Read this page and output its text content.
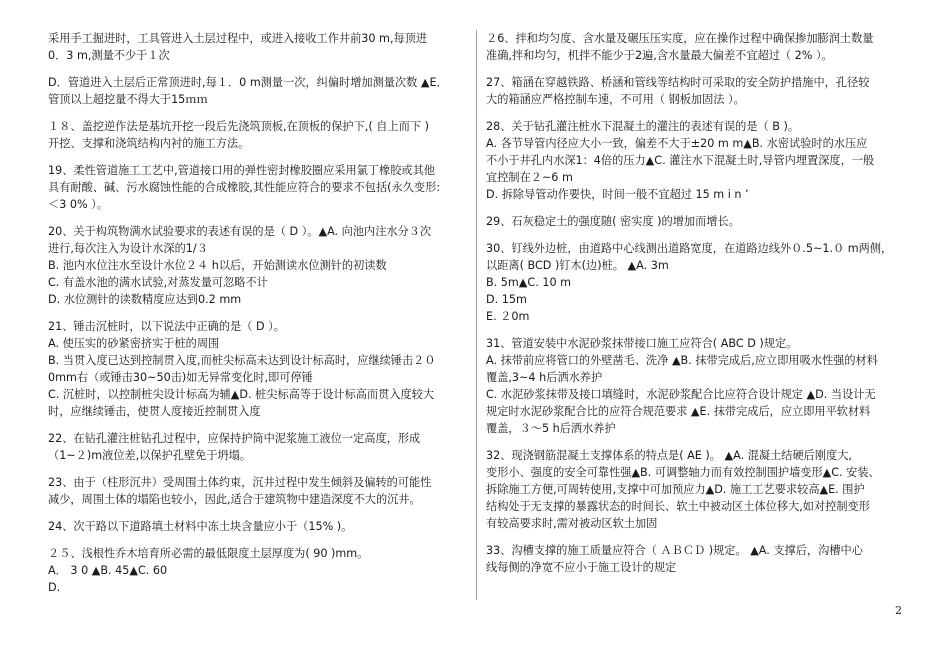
采用手工掘进时，工具管进入土层过程中，或进入接收工作井前30 m,每顶进
0．3 m,测量不少于１次
D．管道进入土层后正常顶进时,每１．0 m测量一次，纠偏时增加测量次数 ▲E．
管顶以上超挖量不得大于15ｍｍ
１８、盖挖逆作法是基坑开挖一段后先浇筑顶板,在顶板的保护下,( 自上而下 )
开挖、支撑和浇筑结构内衬的施工方法。
19、柔性管道施工工艺中,管道接口用的弹性密封橡胶圈应采用氯丁橡胶或其他
具有耐酸、碱、污水腐蚀性能的合成橡胶,其性能应符合的要求不包括(永久变形:
＜3 0% ）。
20、关于构筑物满水试验要求的表述有误的是（ D ）。▲A. 向池内注水分３次
进行,每次注入为设计水深的1/３
B. 池内水位注水至设计水位２４ h以后，开始测读水位测针的初读数
C. 有盖水池的满水试验,对蒸发量可忽略不计
D. 水位测针的读数精度应达到0.2 mm
21、锤击沉桩时，以下说法中正确的是（ D ）。
A. 使压实的砂紧密挤实于桩的周围
B. 当贯入度已达到控制贯入度,而桩尖标高未达到设计标高时，应继续锤击２０
0mm右（或锤击30~50击)如无异常变化时,即可停锤
C. 沉桩时，以控制桩尖设计标高为辅▲D. 桩尖标高等于设计标高而贯入度较大
时，应继续锤击，使贯人度接近控制贯入度
22、在钻孔灌注桩钻孔过程中，应保持护筒中泥浆施工液位一定高度，形成
（1~２)m液位差,以保护孔壁免于坍塌。
23、由于（柱形沉井）受周围土体约束，沉井过程中发生倾斜及偏转的可能性
减少，周围土体的塌陷也较小，因此,适合于建筑物中建造深度不大的沉井。
24、次干路以下道路填土材料中冻土块含量应小于（15% )。
２５、浅根性乔木培育所必需的最低限度土层厚度为( 90 )mm。
A． 3 0 ▲B. 45▲C. 60
D.
２6、拌和均匀度、含水量及碾压压实度，应在操作过程中确保掺加膨润土数量
准确,拌和均匀，机拌不能少于2遍,含水量最大偏差不宜超过（ 2% ）。
27、箱涵在穿越铁路、桥涵和管线等结构时可采取的安全防护措施中，孔径较
大的箱涵应严格控制车速，不可用（ 钢板加固法 ）。
28、关于钻孔灌注桩水下混凝土的灌注的表述有误的是（ B )。
A. 各节导管内径应大小一致，偏差不大于±20 m m▲B. 水密试验时的水压应
不小于井孔内水深1：4倍的压力▲C. 灌注水下混凝土时,导管内埋置深度，一般
宜控制在２~6 m
D. 拆除导管动作要快，时间一般不宜超过 15 m i n ’
29、石灰稳定土的强度随( 密实度 )的增加而增长。
30、钉线外边桩，由道路中心线测出道路宽度，在道路边线外０.5~1.０ m两侧，
以距离( BCD )钉木(边)桩。 ▲A. 3m
B. 5m▲C. 10 m
D. 15m
E. ２0m
31、管道安装中水泥砂浆抹带接口施工应符合( ABC D )规定。
A. 抹带前应将管口的外壁凿毛、洗净 ▲B. 抹带完成后,应立即用吸水性强的材料
覆盖,3~4 h后洒水养护
C. 水泥砂浆抹带及接口填缝时，水泥砂浆配合比应符合设计规定 ▲D. 当设计无
规定时水泥砂浆配合比的应符合规范要求 ▲E. 抹带完成后，应立即用平软材料
覆盖，３～5 h后洒水养护
32、现浇钢筋混凝土支撑体系的特点是( AE )。 ▲A. 混凝土结硬后刚度大,
变形小、强度的安全可靠性强▲B. 可调整轴力而有效控制围护墙变形▲C. 安装、
拆除施工方便,可周转使用,支撑中可加预应力▲D. 施工工艺要求较高▲E. 围护
结构处于无支撑的暴露状态的时间长、软土中被动区土体位移大,如对控制变形
有较高要求时,需对被动区软土加固
33、沟槽支撑的施工质量应符合（ ＡＢＣＤ )规定。 ▲A. 支撑后，沟槽中心
线每侧的净宽不应小于施工设计的规定
2
